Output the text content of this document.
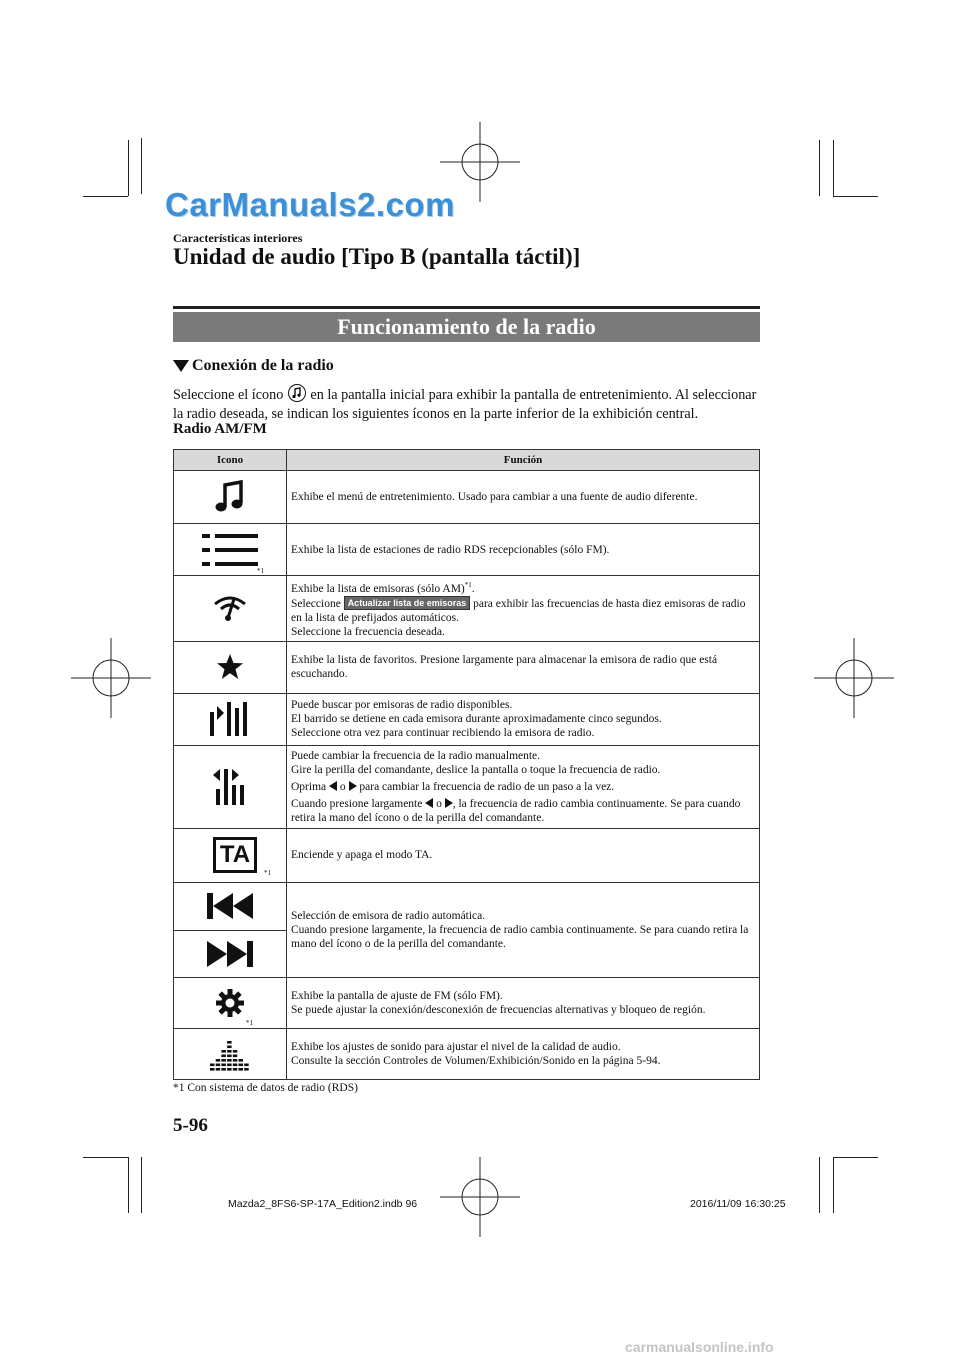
CarManuals2.com
Características interiores
Unidad de audio [Tipo B (pantalla táctil)]
Funcionamiento de la radio
Conexión de la radio
Seleccione el ícono en la pantalla inicial para exhibir la pantalla de entretenimiento. Al seleccionar la radio deseada, se indican los siguientes íconos en la parte inferior de la exhibición central.
Radio AM/FM
Icono	Función

	Exhibe el menú de entretenimiento. Usado para cambiar a una fuente de audio diferente.

*1	Exhibe la lista de estaciones de radio RDS recepcionables (sólo FM).

Exhibe la lista de emisoras (sólo AM)$^{*1}$.
Seleccione Actualizar lista de emisoras para exhibir las frecuencias de hasta diez emisoras de radio en la lista de prefijados automáticos.
Seleccione la frecuencia deseada.

	Exhibe la lista de favoritos. Presione largamente para almacenar la emisora de radio que está escuchando.

Puede buscar por emisoras de radio disponibles.
El barrido se detiene en cada emisora durante aproximadamente cinco segundos.
Seleccione otra vez para continuar recibiendo la emisora de radio.

Puede cambiar la frecuencia de la radio manualmente.
Gire la perilla del comandante, deslice la pantalla o toque la frecuencia de radio.
Oprima o para cambiar la frecuencia de radio de un paso a la vez.
Cuando presione largamente o , la frecuencia de radio cambia continuamente. Se para cuando retira la mano del ícono o de la perilla del comandante.

TA
*1	Enciende y apaga el modo TA.

Selección de emisora de radio automática.
Cuando presione largamente, la frecuencia de radio cambia continuamente. Se para cuando retira la mano del ícono o de la perilla del comandante.

*1	Exhibe la pantalla de ajuste de FM (sólo FM).
Se puede ajustar la conexión/desconexión de frecuencias alternativas y bloqueo de región.

Exhibe los ajustes de sonido para ajustar el nivel de la calidad de audio.
Consulte la sección Controles de Volumen/Exhibición/Sonido en la página 5-94.
*1 Con sistema de datos de radio (RDS)
5-96
Mazda2_8FS6-SP-17A_Edition2.indb 96	2016/11/09 16:30:25
carmanualsonline.info
